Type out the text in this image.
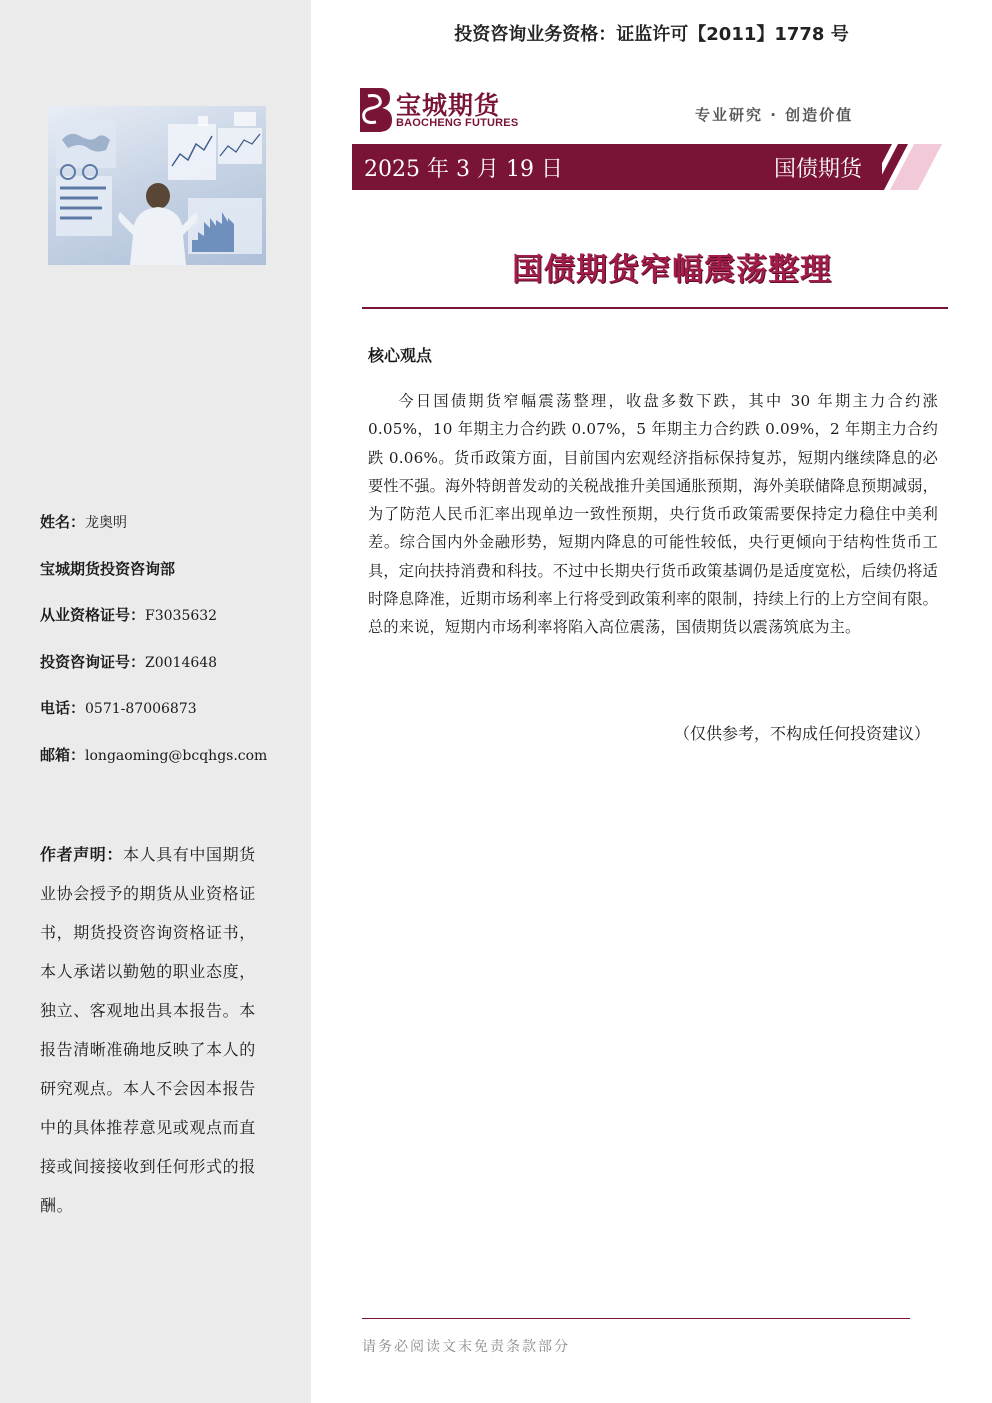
姓名：龙奥明
宝城期货投资咨询部
从业资格证号：F3035632
投资咨询证号：Z0014648
电话：0571-87006873
邮箱：longaoming@bcqhgs.com
作者声明：本人具有中国期货业协会授予的期货从业资格证书，期货投资咨询资格证书，本人承诺以勤勉的职业态度，独立、客观地出具本报告。本报告清晰准确地反映了本人的研究观点。本人不会因本报告中的具体推荐意见或观点而直接或间接接收到任何形式的报酬。
投资咨询业务资格：证监许可【2011】1778 号
宝城期货
BAOCHENG FUTURES	专业研究 · 创造价值
2025 年 3 月 19 日	国债期货
国债期货窄幅震荡整理
核心观点
今日国债期货窄幅震荡整理，收盘多数下跌，其中 30 年期主力合约涨 0.05%，10 年期主力合约跌 0.07%，5 年期主力合约跌 0.09%，2 年期主力合约跌 0.06%。货币政策方面，目前国内宏观经济指标保持复苏，短期内继续降息的必要性不强。海外特朗普发动的关税战推升美国通胀预期，海外美联储降息预期减弱，为了防范人民币汇率出现单边一致性预期，央行货币政策需要保持定力稳住中美利差。综合国内外金融形势，短期内降息的可能性较低，央行更倾向于结构性货币工具，定向扶持消费和科技。不过中长期央行货币政策基调仍是适度宽松，后续仍将适时降息降准，近期市场利率上行将受到政策利率的限制，持续上行的上方空间有限。总的来说，短期内市场利率将陷入高位震荡，国债期货以震荡筑底为主。
（仅供参考，不构成任何投资建议）
请务必阅读文末免责条款部分
